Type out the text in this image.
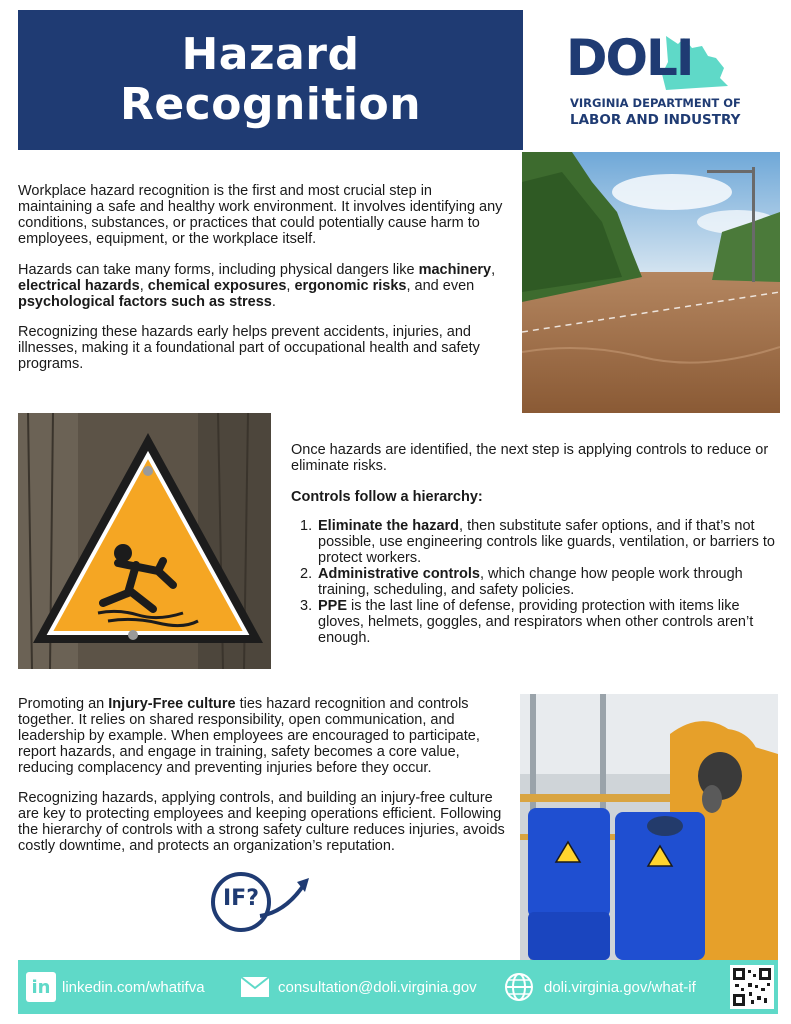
Hazard
Recognition
DOLI
VIRGINIA DEPARTMENT OF
LABOR AND INDUSTRY
Workplace hazard recognition is the first and most crucial step in maintaining a safe and healthy work environment. It involves identifying any conditions, substances, or practices that could potentially cause harm to employees, equipment, or the workplace itself.
Hazards can take many forms, including physical dangers like machinery, electrical hazards, chemical exposures, ergonomic risks, and even psychological factors such as stress.
Recognizing these hazards early helps prevent accidents, injuries, and illnesses, making it a foundational part of occupational health and safety programs.
Once hazards are identified, the next step is applying controls to reduce or eliminate risks.
Controls follow a hierarchy:
1. Eliminate the hazard, then substitute safer options, and if that’s not possible, use engineering controls like guards, ventilation, or barriers to protect workers.
2. Administrative controls, which change how people work through training, scheduling, and safety policies.
3. PPE is the last line of defense, providing protection with items like gloves, helmets, goggles, and respirators when other controls aren’t enough.
Promoting an Injury-Free culture ties hazard recognition and controls together. It relies on shared responsibility, open communication, and leadership by example. When employees are encouraged to participate, report hazards, and engage in training, safety becomes a core value, reducing complacency and preventing injuries before they occur.
Recognizing hazards, applying controls, and building an injury-free culture are key to protecting employees and keeping operations efficient. Following the hierarchy of controls with a strong safety culture reduces injuries, avoids costly downtime, and protects an organization’s reputation.
IF?
in linkedin.com/whatifva	consultation@doli.virginia.gov	doli.virginia.gov/what-if
